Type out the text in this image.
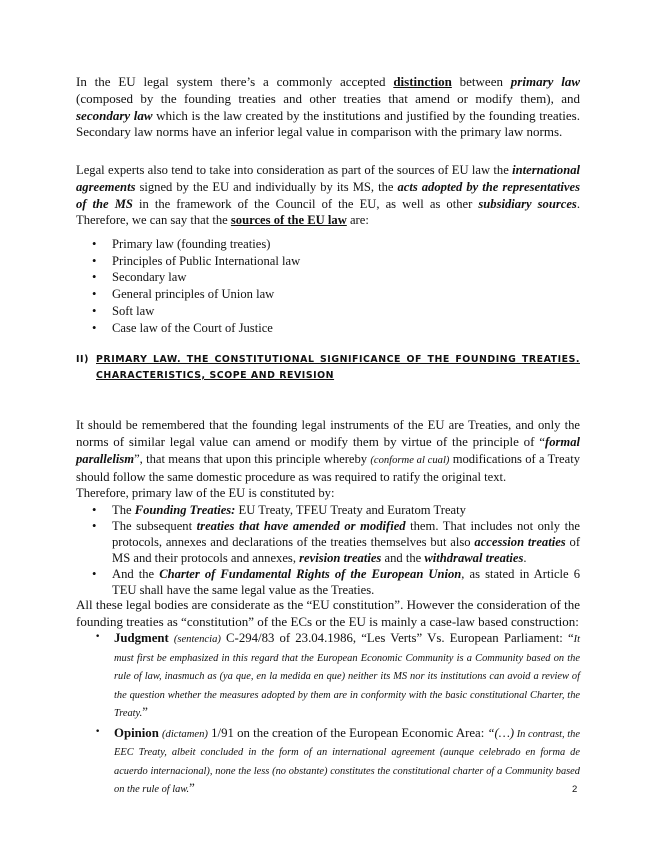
In the EU legal system there’s a commonly accepted distinction between primary law (composed by the founding treaties and other treaties that amend or modify them), and secondary law which is the law created by the institutions and justified by the founding treaties. Secondary law norms have an inferior legal value in comparison with the primary law norms.

Legal experts also tend to take into consideration as part of the sources of EU law the international agreements signed by the EU and individually by its MS, the acts adopted by the representatives of the MS in the framework of the Council of the EU, as well as other subsidiary sources. Therefore, we can say that the sources of the EU law are:

• Primary law (founding treaties)
• Principles of Public International law
• Secondary law
• General principles of Union law
• Soft law
• Case law of the Court of Justice
II) PRIMARY LAW. THE CONSTITUTIONAL SIGNIFICANCE OF THE FOUNDING TREATIES. CHARACTERISTICS, SCOPE AND REVISION

It should be remembered that the founding legal instruments of the EU are Treaties, and only the norms of similar legal value can amend or modify them by virtue of the principle of “formal parallelism”, that means that upon this principle whereby (conforme al cual) modifications of a Treaty should follow the same domestic procedure as was required to ratify the original text.

Therefore, primary law of the EU is constituted by:

• The Founding Treaties: EU Treaty, TFEU Treaty and Euratom Treaty
• The subsequent treaties that have amended or modified them. That includes not only the protocols, annexes and declarations of the treaties themselves but also accession treaties of MS and their protocols and annexes, revision treaties and the withdrawal treaties.
• And the Charter of Fundamental Rights of the European Union, as stated in Article 6 TEU shall have the same legal value as the Treaties.

All these legal bodies are considerate as the “EU constitution”. However the consideration of the founding treaties as “constitution” of the ECs or the EU is mainly a case-law based construction:

· Judgment (sentencia) C-294/83 of 23.04.1986, “Les Verts” Vs. European Parliament: “It must first be emphasized in this regard that the European Economic Community is a Community based on the rule of law, inasmuch as (ya que, en la medida en que) neither its MS nor its institutions can avoid a review of the question whether the measures adopted by them are in conformity with the basic constitutional Charter, the Treaty.”
· Opinion (dictamen) 1/91 on the creation of the European Economic Area: “(…) In contrast, the EEC Treaty, albeit concluded in the form of an international agreement (aunque celebrado en forma de acuerdo internacional), none the less (no obstante) constitutes the constitutional charter of a Community based on the rule of law.”	2
